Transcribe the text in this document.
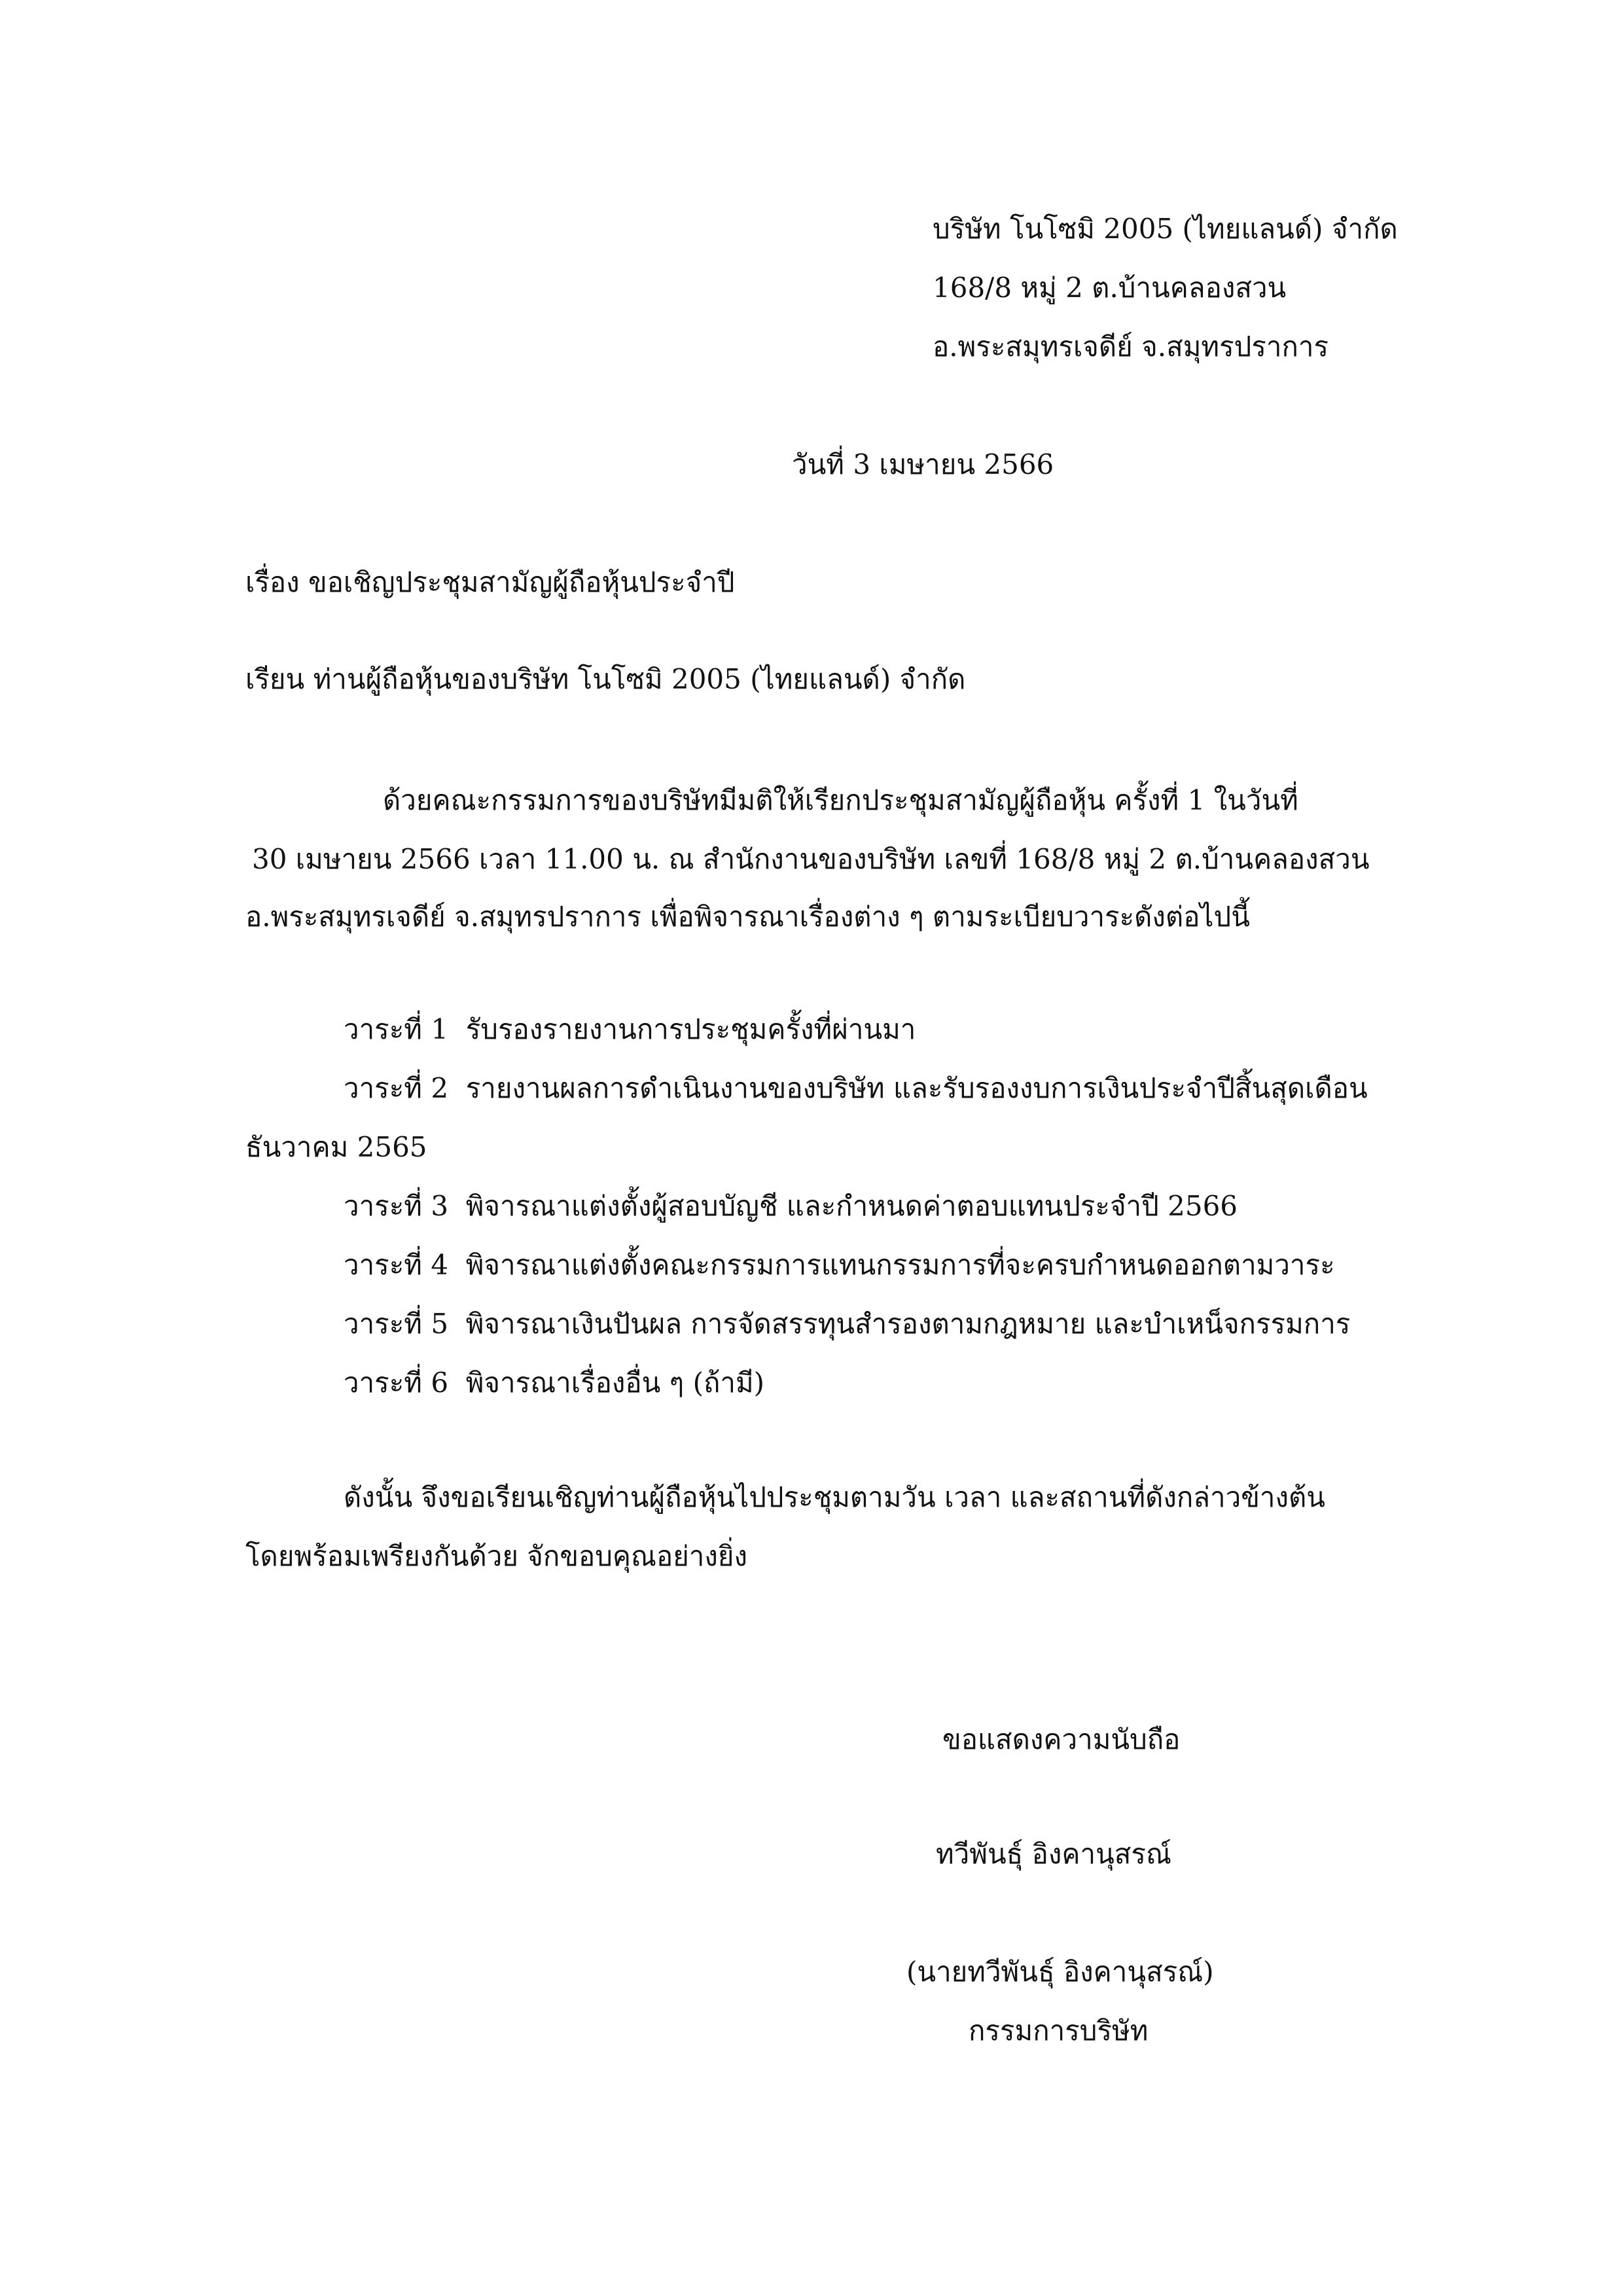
บริษัท โนโซมิ 2005 (ไทยแลนด์) จำกัด
168/8 หมู่ 2 ต.บ้านคลองสวน
อ.พระสมุทรเจดีย์ จ.สมุทรปราการ
วันที่ 3 เมษายน 2566
เรื่อง ขอเชิญประชุมสามัญผู้ถือหุ้นประจำปี
เรียน ท่านผู้ถือหุ้นของบริษัท โนโซมิ 2005 (ไทยแลนด์) จำกัด
ด้วยคณะกรรมการของบริษัทมีมติให้เรียกประชุมสามัญผู้ถือหุ้น ครั้งที่ 1 ในวันที่
30 เมษายน 2566 เวลา 11.00 น. ณ สำนักงานของบริษัท เลขที่ 168/8 หมู่ 2 ต.บ้านคลองสวน
อ.พระสมุทรเจดีย์ จ.สมุทรปราการ เพื่อพิจารณาเรื่องต่าง ๆ ตามระเบียบวาระดังต่อไปนี้
วาระที่ 1 รับรองรายงานการประชุมครั้งที่ผ่านมา
วาระที่ 2 รายงานผลการดำเนินงานของบริษัท และรับรองงบการเงินประจำปีสิ้นสุดเดือน
ธันวาคม 2565
วาระที่ 3 พิจารณาแต่งตั้งผู้สอบบัญชี และกำหนดค่าตอบแทนประจำปี 2566
วาระที่ 4 พิจารณาแต่งตั้งคณะกรรมการแทนกรรมการที่จะครบกำหนดออกตามวาระ
วาระที่ 5 พิจารณาเงินปันผล การจัดสรรทุนสำรองตามกฎหมาย และบำเหน็จกรรมการ
วาระที่ 6 พิจารณาเรื่องอื่น ๆ (ถ้ามี)
ดังนั้น จึงขอเรียนเชิญท่านผู้ถือหุ้นไปประชุมตามวัน เวลา และสถานที่ดังกล่าวข้างต้น
โดยพร้อมเพรียงกันด้วย จักขอบคุณอย่างยิ่ง
ขอแสดงความนับถือ
ทวีพันธุ์ อิงคานุสรณ์
(นายทวีพันธุ์ อิงคานุสรณ์)
กรรมการบริษัท
